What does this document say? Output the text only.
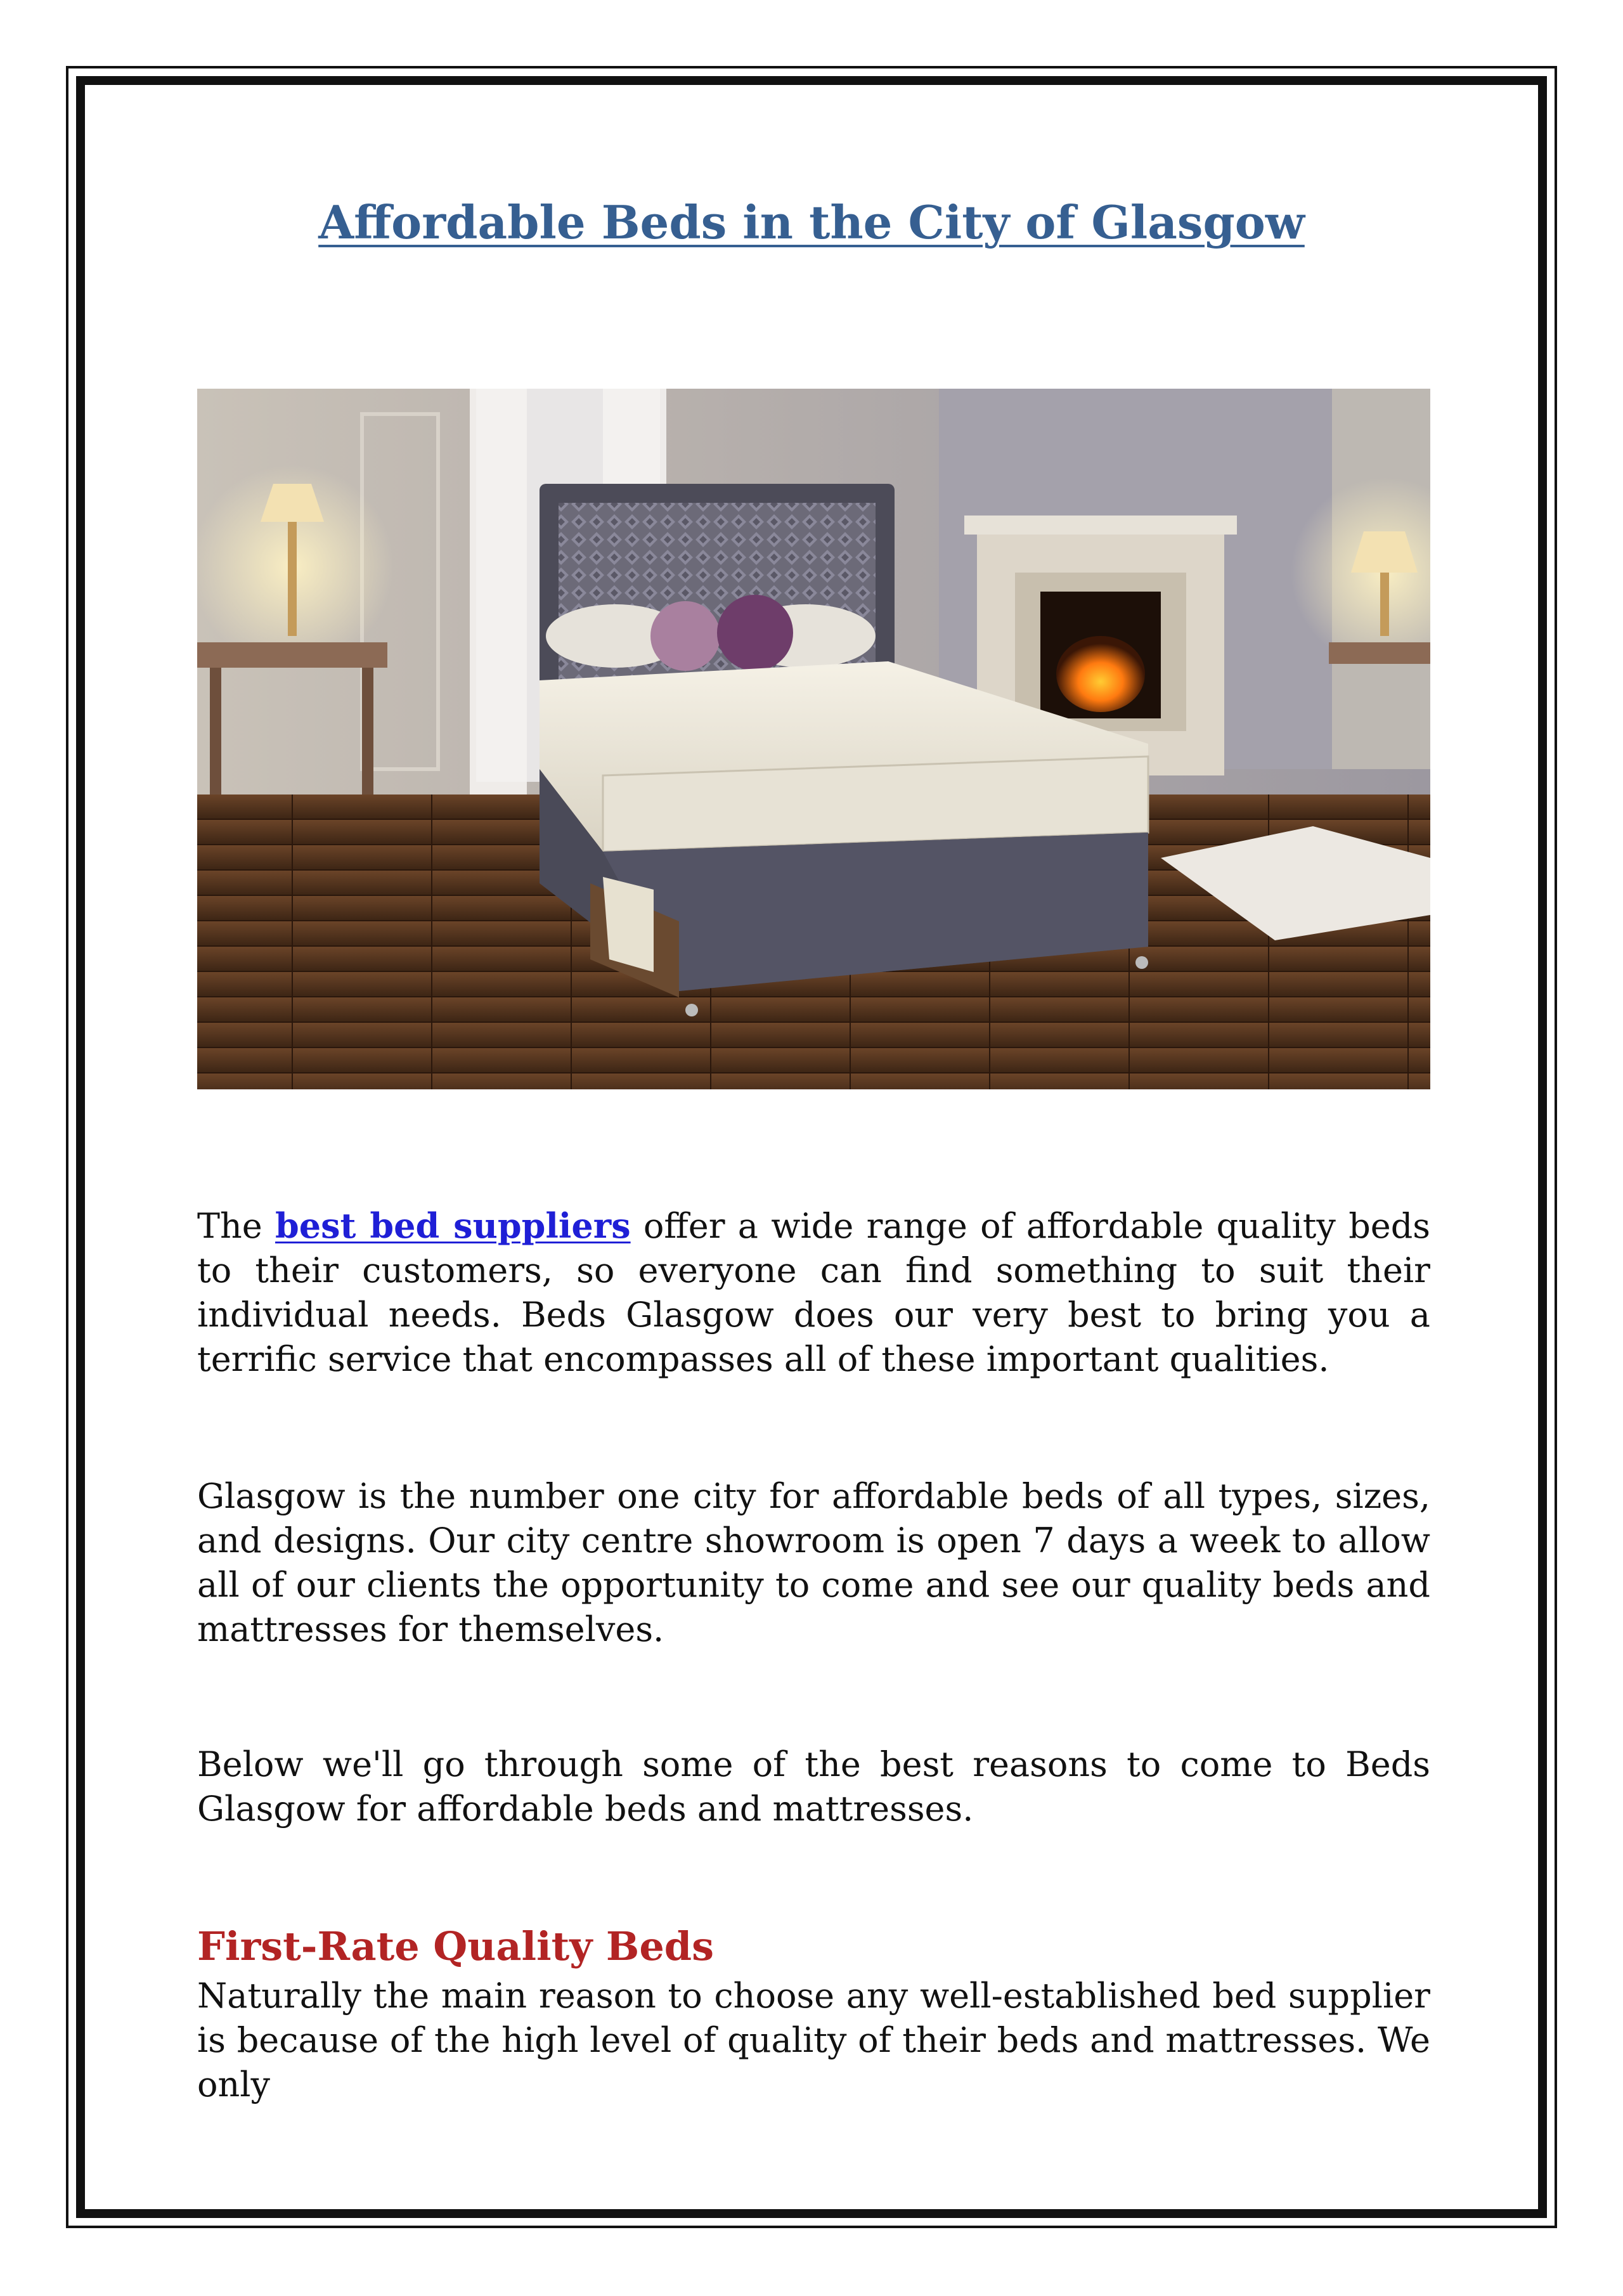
Affordable Beds in the City of Glasgow

The best bed suppliers offer a wide range of affordable quality beds to their customers, so everyone can find something to suit their individual needs. Beds Glasgow does our very best to bring you a terrific service that encompasses all of these important qualities.

Glasgow is the number one city for affordable beds of all types, sizes, and designs. Our city centre showroom is open 7 days a week to allow all of our clients the opportunity to come and see our quality beds and mattresses for themselves.

Below we'll go through some of the best reasons to come to Beds Glasgow for affordable beds and mattresses.

First-Rate Quality Beds

Naturally the main reason to choose any well-established bed supplier is because of the high level of quality of their beds and mattresses. We only
